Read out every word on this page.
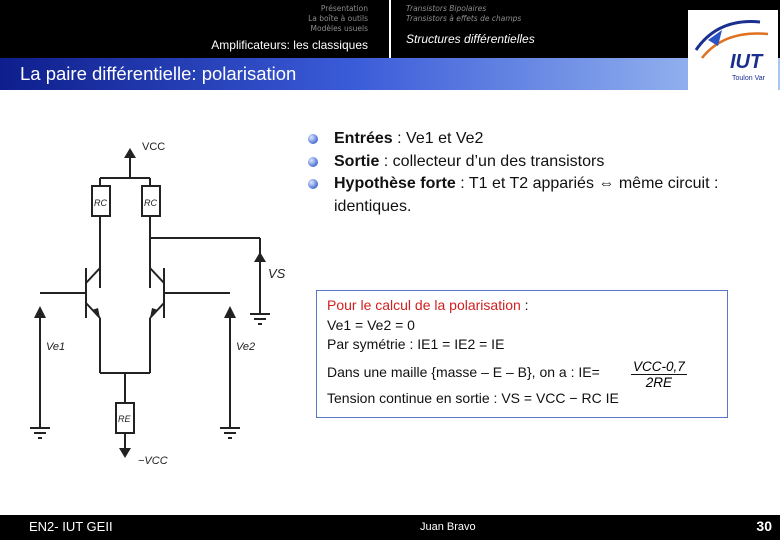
Présentation
La boîte à outils
Modèles usuels
Amplificateurs: les classiques
Transistors Bipolaires
Transistors à effets de champs
Structures différentielles
La paire différentielle: polarisation
IUT
Toulon Var
VCC
RC	RC
VS
Ve1	Ve2
RE
−VCC
Entrées : Ve1 et Ve2
Sortie : collecteur d’un des transistors
Hypothèse forte : T1 et T2 appariés ⇔ même circuit : identiques.
Pour le calcul de la polarisation :
Ve1 = Ve2 = 0
Par symétrie : IE1 = IE2 = IE
Dans une maille {masse – E – B}, on a : IE=
Tension continue en sortie : VS = VCC − RC IE
VCC-0,7
2RE
EN2- IUT GEII	Juan Bravo	30
